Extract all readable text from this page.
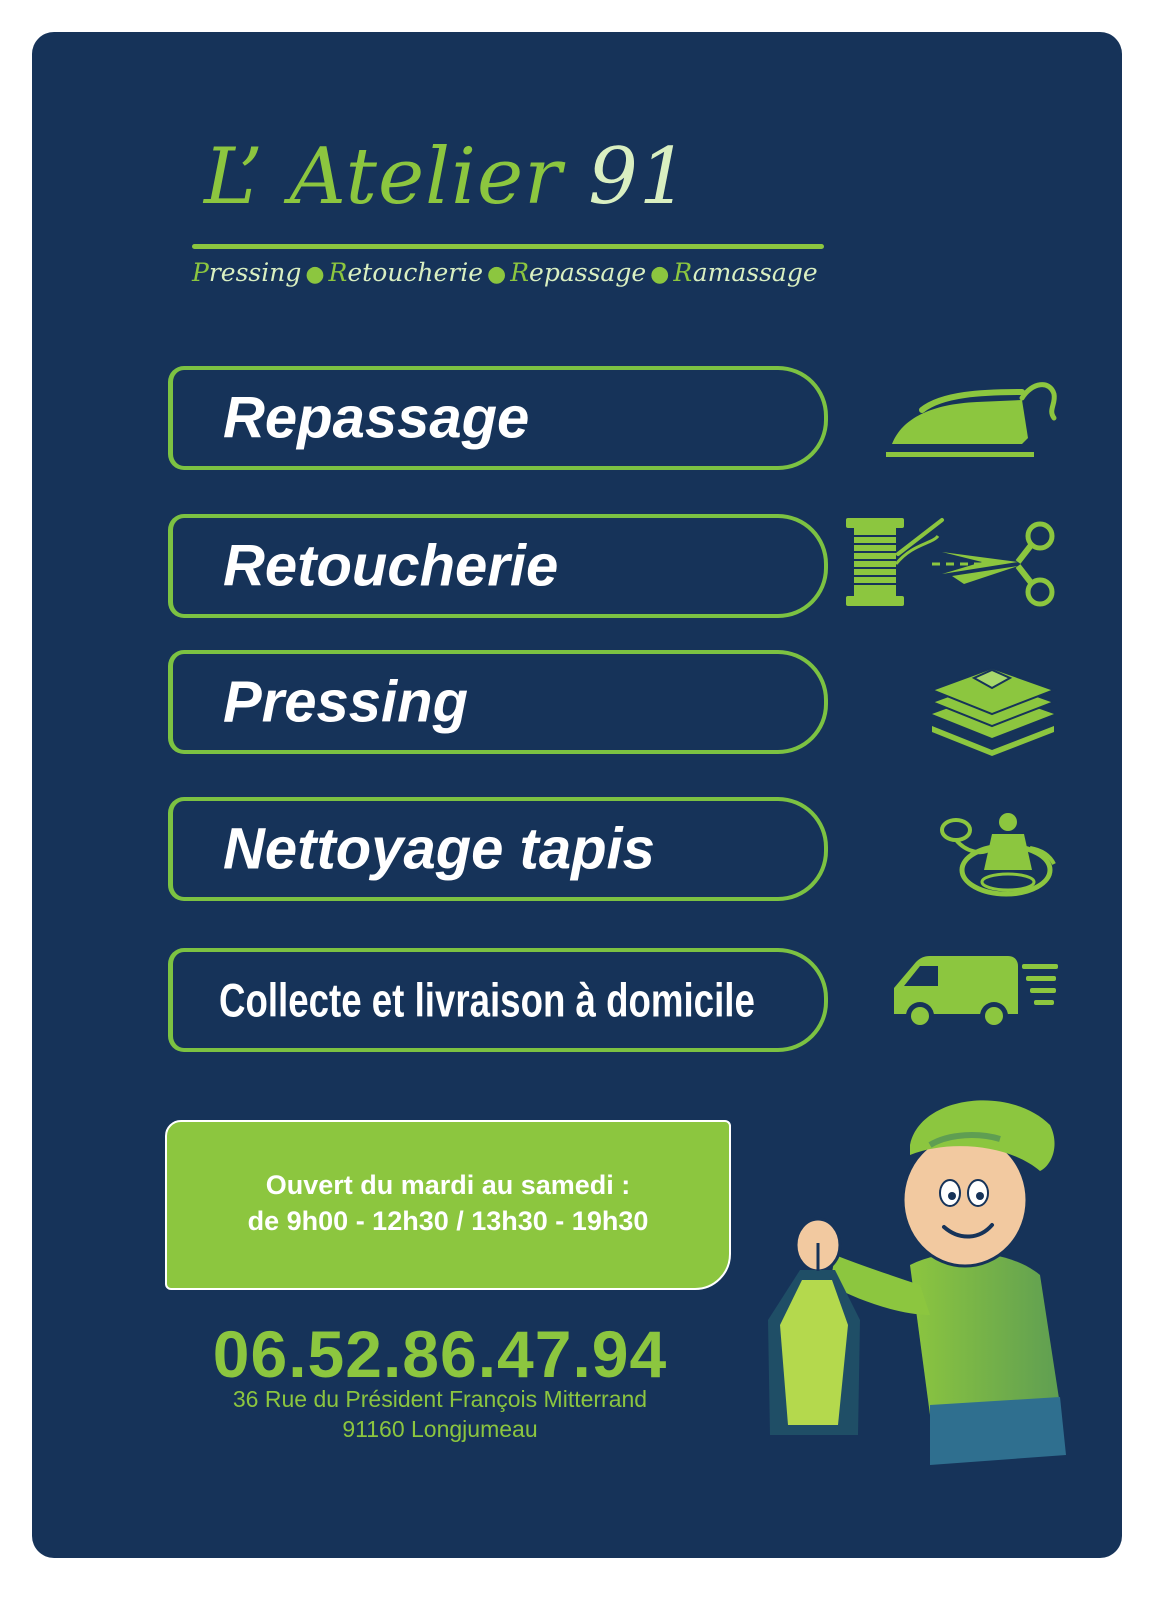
L’ Atelier 91
Pressing ● Retoucherie ● Repassage ● Ramassage
Repassage
Retoucherie
Pressing
Nettoyage tapis
Collecte et livraison à domicile
Ouvert du mardi au samedi :
de 9h00 - 12h30 / 13h30 - 19h30
06.52.86.47.94
36 Rue du Président François Mitterrand
91160 Longjumeau
